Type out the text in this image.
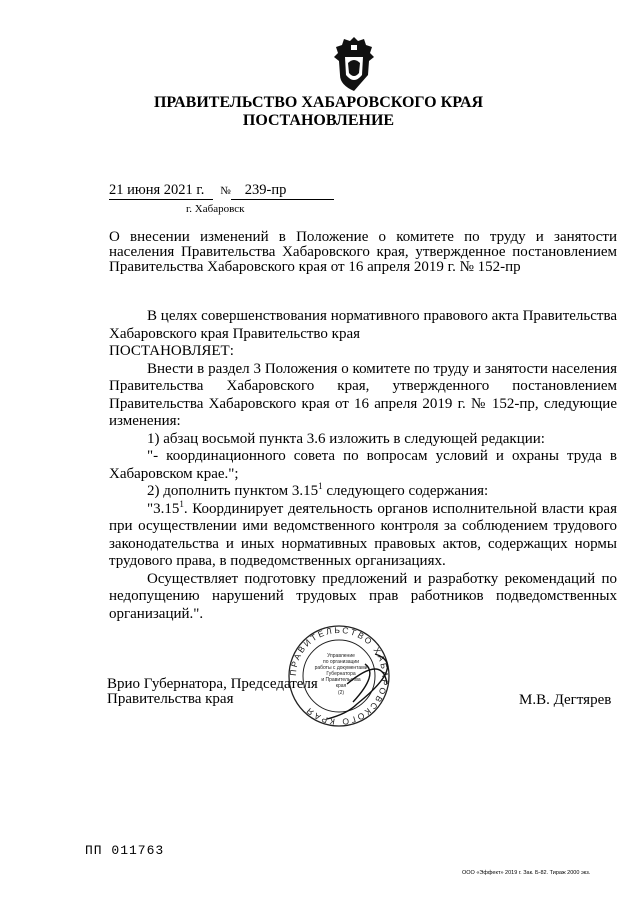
ПРАВИТЕЛЬСТВО ХАБАРОВСКОГО КРАЯ
ПОСТАНОВЛЕНИЕ
21 июня 2021 г. № 239-пр
г. Хабаровск
О внесении изменений в Положение о комитете по труду и занятости населения Правительства Хабаровского края, утвержденное постановлением Правительства Хабаровского края от 16 апреля 2019 г. № 152-пр

В целях совершенствования нормативного правового акта Правительства Хабаровского края Правительство края

ПОСТАНОВЛЯЕТ:

Внести в раздел 3 Положения о комитете по труду и занятости населения Правительства Хабаровского края, утвержденного постановлением Правительства Хабаровского края от 16 апреля 2019 г. № 152-пр, следующие изменения:

1) абзац восьмой пункта 3.6 изложить в следующей редакции:

"- координационного совета по вопросам условий и охраны труда в Хабаровском крае.";

2) дополнить пунктом 3.15$^1$ следующего содержания:

"3.15$^1$. Координирует деятельность органов исполнительной власти края при осуществлении ими ведомственного контроля за соблюдением трудового законодательства и иных нормативных правовых актов, содержащих нормы трудового права, в подведомственных организациях.

Осуществляет подготовку предложений и разработку рекомендаций по недопущению нарушений трудовых прав работников подведомственных организаций.".

Врио Губернатора, Председателя
Правительства края	М.В. Дегтярев
ПРАВИТЕЛЬСТВО ХАБАРОВСКОГО КРАЯ
Управление
по организации
работы с документами
Губернатора
и Правительства
края
(2)
ПП 011763
ООО «Эффект» 2019 г. Зак. Б-82. Тираж 2000 экз.
